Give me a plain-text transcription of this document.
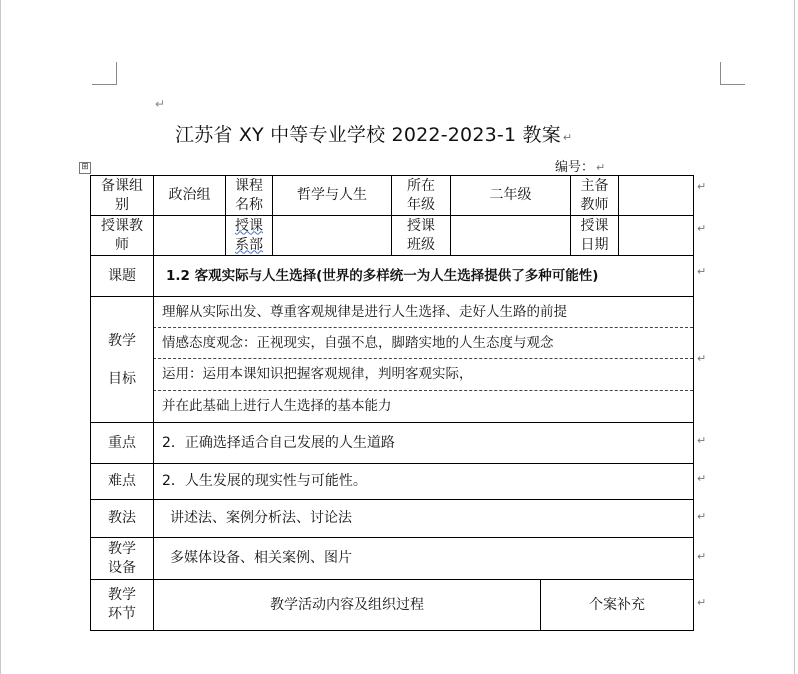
↵
江苏省 XY 中等专业学校 2022-2023-1 教案 ↵
编号： ↵
⊞
备课组别
政治组
课程名称
哲学与人生
所在年级
二年级
主备教师
授课教师
授课系部
授课班级
授课日期
课题 1.2 客观实际与人生选择(世界的多样统一为人生选择提供了多种可能性)
教学目标
理解从实际出发、尊重客观规律是进行人生选择、走好人生路的前提
情感态度观念：正视现实，自强不息，脚踏实地的人生态度与观念
运用：运用本课知识把握客观规律，判明客观实际，
并在此基础上进行人生选择的基本能力
重点 2．正确选择适合自己发展的人生道路
难点 2．人生发展的现实性与可能性。
教法 讲述法、案例分析法、讨论法
教学设备
多媒体设备、相关案例、图片
教学环节
教学活动内容及组织过程	个案补充
↵
↵
↵
↵
↵
↵
↵
↵
↵
